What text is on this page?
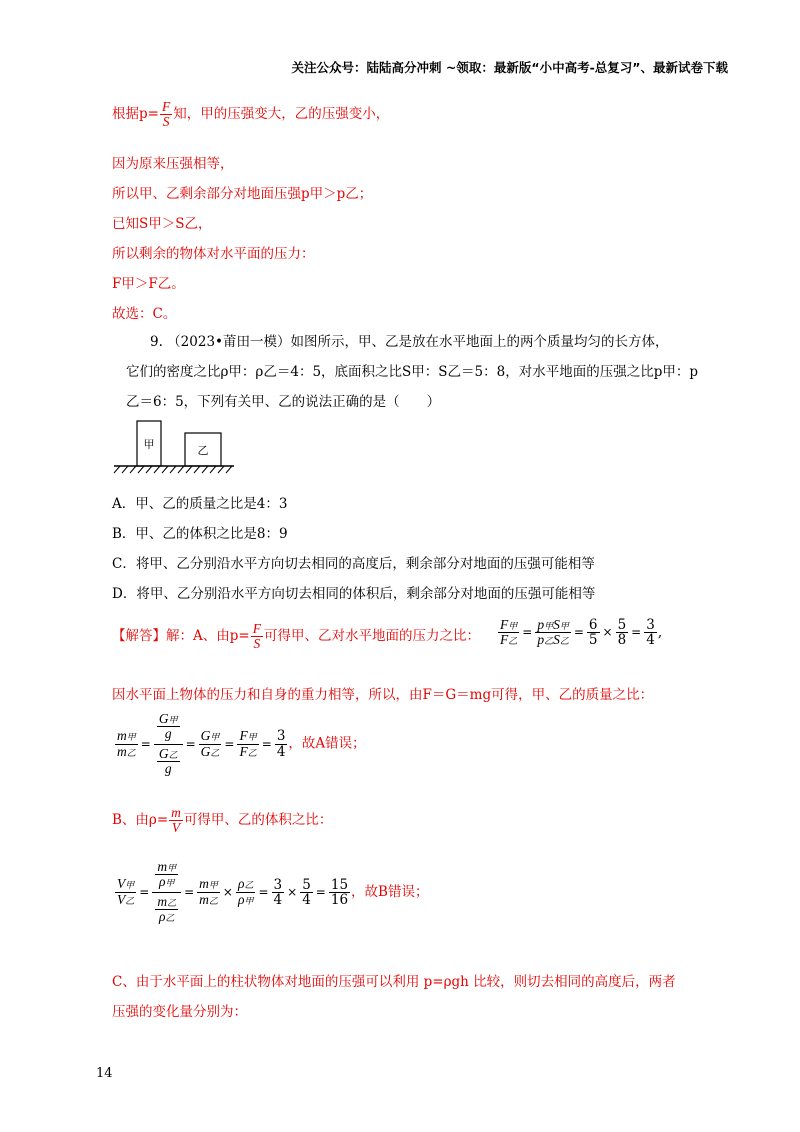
关注公众号：陆陆高分冲刺 ~领取：最新版“小中高考-总复习”、最新试卷下载
根据$p= \frac{F}{S}$ 知，甲的压强变大，乙的压强变小，
因为原来压强相等，
所以甲、乙剩余部分对地面压强p甲＞p乙；
已知S甲＞S乙，
所以剩余的物体对水平面的压力：
F甲＞F乙。
故选：C。
9. （2023•莆田一模）如图所示，甲、乙是放在水平地面上的两个质量均匀的长方体，
它们的密度之比ρ甲：ρ乙＝4：5，底面积之比S甲：S乙＝5：8，对水平地面的压强之比p甲：p
乙＝6：5，下列有关甲、乙的说法正确的是（　　）
甲	乙
A．甲、乙的质量之比是4：3
B．甲、乙的体积之比是8：9
C．将甲、乙分别沿水平方向切去相同的高度后，剩余部分对地面的压强可能相等
D．将甲、乙分别沿水平方向切去相同的体积后，剩余部分对地面的压强可能相等
【解答】解：A、由$p= \frac{F}{S}$ 可得甲、乙对水平地面的压力之比： $\frac{\text{F甲}}{\text{F乙}} = \frac{\text{p甲S甲}}{\text{p乙S乙}} = \frac{6}{5} \times \frac{5}{8} = \frac{3}{4}$ ,
因水平面上物体的压力和自身的重力相等，所以，由F＝G＝mg可得，甲、乙的质量之比：
$\frac{\text{m甲}}{\text{m乙}} = \frac{\frac{\text{G甲}}{g}}{\frac{\text{G乙}}{g}} = \frac{\text{G甲}}{\text{G乙}} = \frac{\text{F甲}}{\text{F乙}} = \frac{3}{4}$ ，故A错误；
B、由$\rho= \frac{m}{V}$ 可得甲、乙的体积之比：
$\frac{\text{V甲}}{\text{V乙}} = \frac{\frac{\text{m甲}}{\text{ρ甲}}}{\frac{\text{m乙}}{\text{ρ乙}}} = \frac{\text{m甲}}{\text{m乙}} \times \frac{\text{ρ乙}}{\text{ρ甲}} = \frac{3}{4} \times \frac{5}{4} = \frac{15}{16}$ ，故B错误；
C、由于水平面上的柱状物体对地面的压强可以利用 p=ρgh 比较，则切去相同的高度后，两者
压强的变化量分别为：
14
